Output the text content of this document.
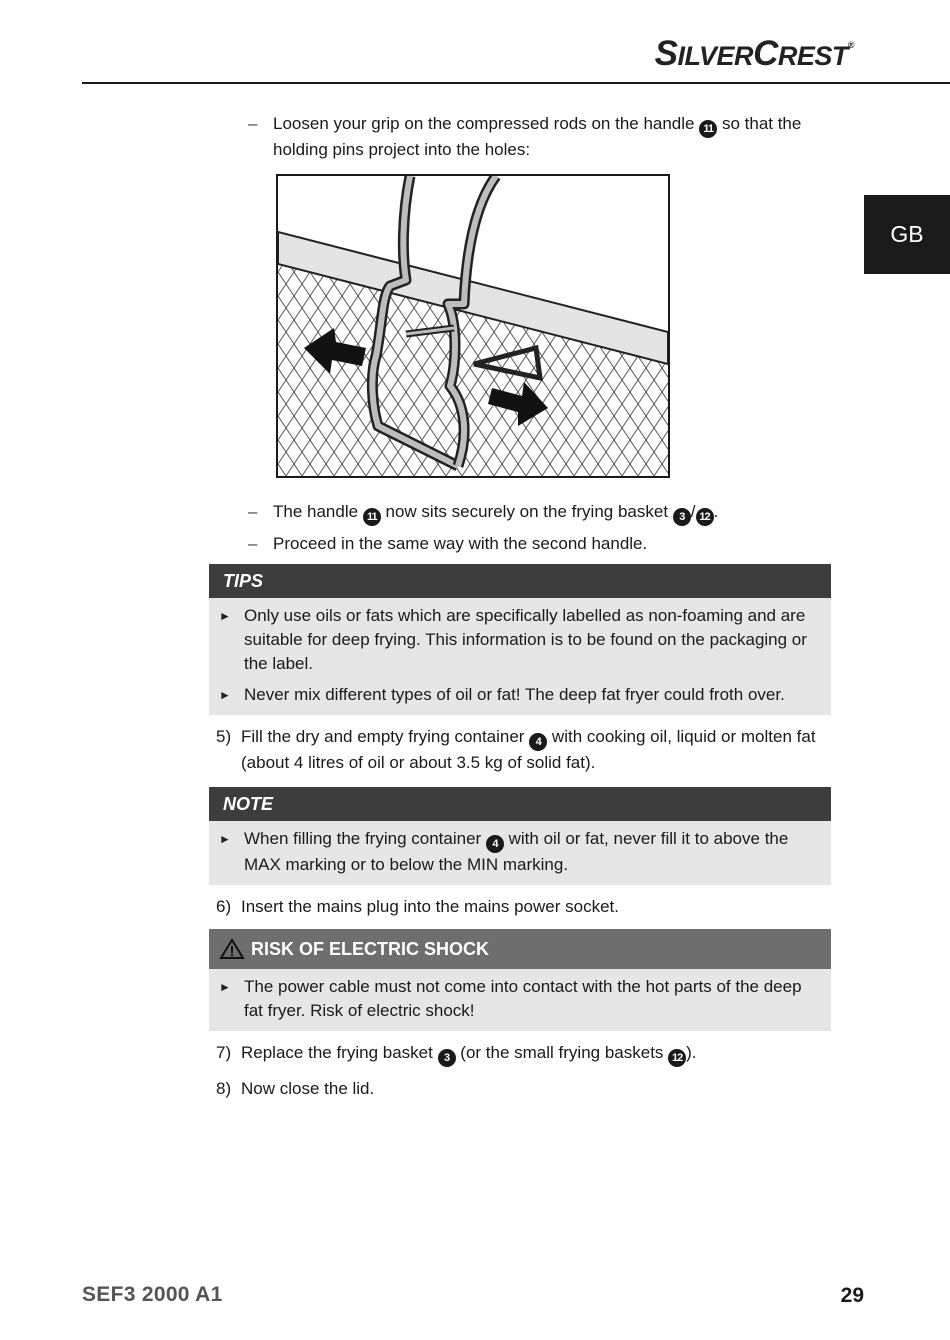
SILVERCREST®
GB
– Loosen your grip on the compressed rods on the handle 11 so that the holding pins project into the holes:
– The handle 11 now sits securely on the frying basket 3 / 12 .
– Proceed in the same way with the second handle.
TIPS
► Only use oils or fats which are specifically labelled as non-foaming and are suitable for deep frying. This information is to be found on the packaging or the label.
► Never mix different types of oil or fat! The deep fat fryer could froth over.
5) Fill the dry and empty frying container 4 with cooking oil, liquid or molten fat (about 4 litres of oil or about 3.5 kg of solid fat).
NOTE
► When filling the frying container 4 with oil or fat, never fill it to above the MAX marking or to below the MIN marking.
6) Insert the mains plug into the mains power socket.
RISK OF ELECTRIC SHOCK
► The power cable must not come into contact with the hot parts of the deep fat fryer. Risk of electric shock!
7) Replace the frying basket 3 (or the small frying baskets 12 ).
8) Now close the lid.
SEF3 2000 A1	29
